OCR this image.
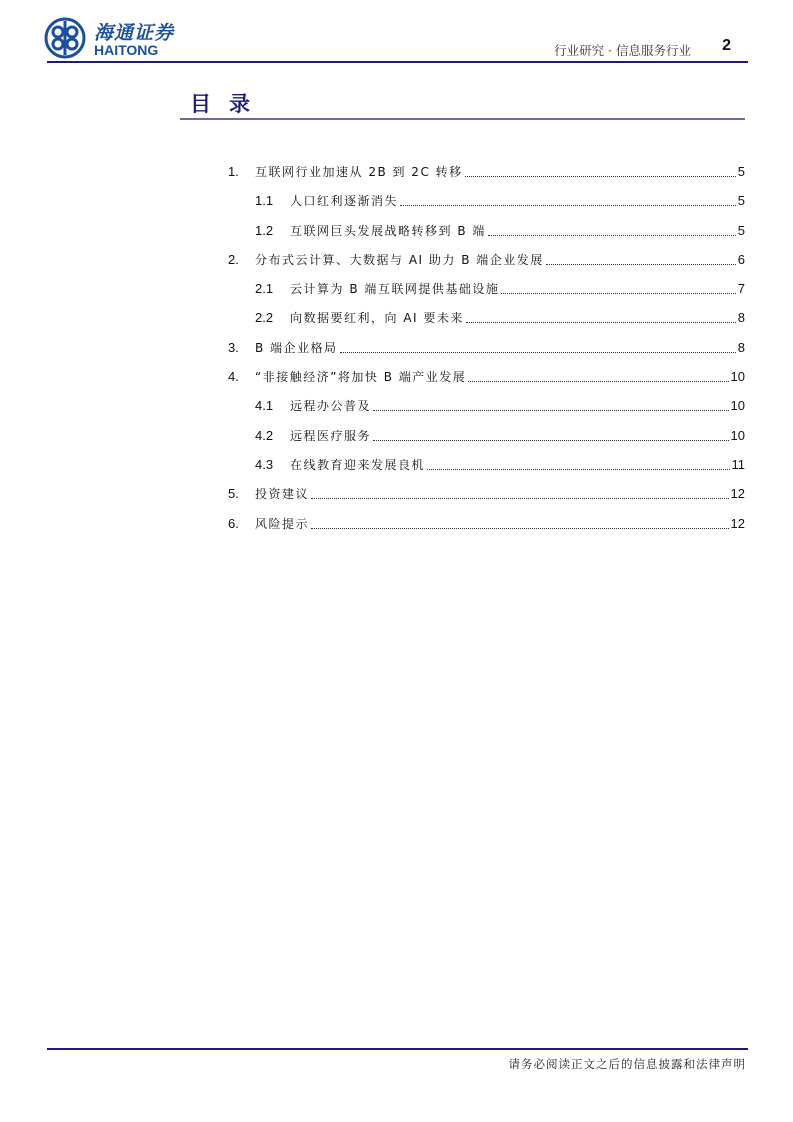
海通证券
HAITONG	行业研究 · 信息服务行业 2
目录
1.	互联网行业加速从 2B 到 2C 转移	5
1.1	人口红利逐渐消失	5
1.2	互联网巨头发展战略转移到 B 端	5
2.	分布式云计算、大数据与 AI 助力 B 端企业发展	6
2.1	云计算为 B 端互联网提供基础设施	7
2.2	向数据要红利，向 AI 要未来	8
3.	B 端企业格局	8
4.	“非接触经济”将加快 B 端产业发展	10
4.1	远程办公普及	10
4.2	远程医疗服务	10
4.3	在线教育迎来发展良机	11
5.	投资建议	12
6.	风险提示	12
请务必阅读正文之后的信息披露和法律声明
